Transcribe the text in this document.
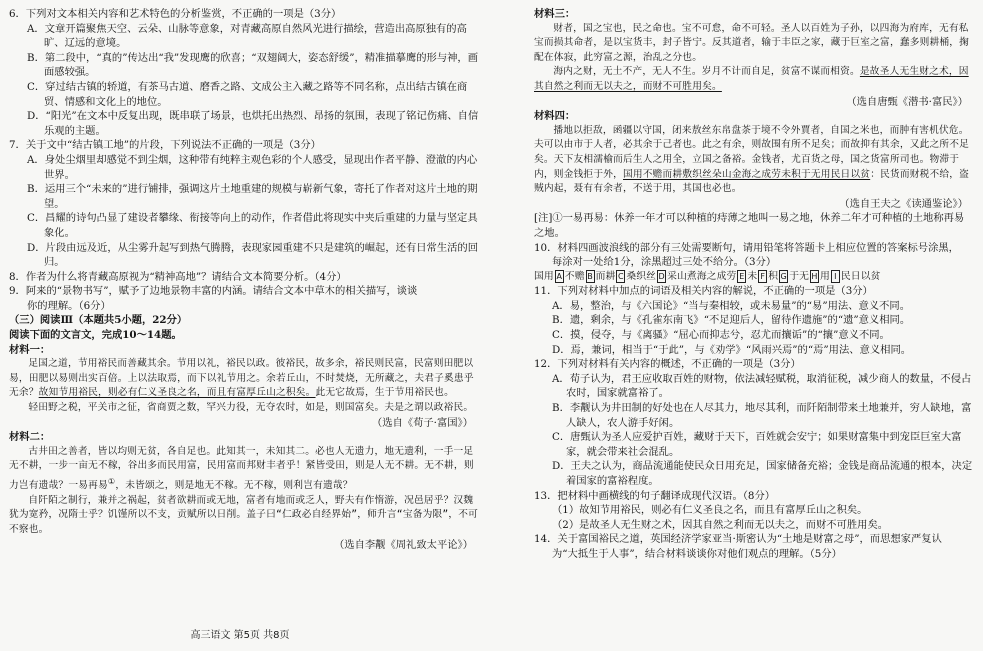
6．下列对文本相关内容和艺术特色的分析鉴赏，不正确的一项是（3分）

A．文章开篇聚焦天空、云朵、山脉等意象，对青藏高原自然风光进行描绘，营造出高原独有的高旷、辽远的意境。

B．第二段中，“真的”传达出“我”发现鹰的欣喜；“双翅阔大，姿态舒缓”，精准描摹鹰的形与神，画面感较强。

C．穿过结古镇的轿道，有茶马古道、磨香之路、文成公主入藏之路等不同名称，点出结古镇在商贸、情感和文化上的地位。

D．“阳光”在文本中反复出现，既串联了场景，也烘托出热烈、昂扬的氛围，表现了铭记伤痛、自信乐观的主题。

7．关于文中“结古镇工地”的片段，下列说法不正确的一项是（3分）

A．身处尘烟里却感觉不到尘烟，这种带有纯粹主观色彩的个人感受，显现出作者平静、澄澈的内心世界。

B．运用三个“未来的”进行铺排，强调这片土地重建的规模与崭新气象，寄托了作者对这片土地的期望。

C．昌耀的诗句凸显了建设者攀缘、衔接等向上的动作，作者借此将现实中夹后重建的力量与坚定具象化。

D．片段由远及近，从尘雾升起写到热气腾腾，表现家园重建不只是建筑的崛起，还有日常生活的回归。

8．作者为什么将青藏高原视为“精神高地”？请结合文本简要分析。（4分）

9．阿来的“景物书写”，赋予了边地景物丰富的内涵。请结合文本中草木的相关描写，谈谈

你的理解。（6分）

（三）阅读Ⅲ（本题共5小题，22分）

阅读下面的文言文，完成10～14题。

材料一：

足国之道，节用裕民而善藏其余。节用以礼，裕民以政。彼裕民，故多余，裕民则民富，民富则田肥以易，田肥以易则出实百倍。上以法取焉，而下以礼节用之。余若丘山，不时焚烧，无所藏之，夫君子奚患乎无余？故知节用裕民，则必有仁义圣良之名，而且有富厚丘山之积矣。此无它故焉，生于节用裕民也。

轻田野之税，平关市之征，省商贾之数，罕兴力役，无夺农时，如是，则国富矣。夫是之谓以政裕民。

（选自《荀子·富国》）

材料二：

古井田之善者，皆以均则无贫，各自足也。此知其一，未知其二。必也人无遗力，地无遗利，一手一足无不耕，一步一亩无不稼，谷出多而民用富，民用富而邦财丰者乎！紧皆受田，则是人无不耕。无不耕，则力岂有遗哉？一易再易①，未皆颂之，则是地无不稼。无不稼，则利岂有遗哉？

自阡陌之制行，兼并之祸起，贫者欲耕而或无地，富者有地而或乏人，野夫有作惰游，况邑居乎？汉魏犹为宽矜，况隋士乎？饥馑所以不支，贡赋所以日削。盖子曰“仁政必自经界始”，师升言“宝备为限”，不可不察也。

（选自李觏《周礼致太平论》）

高三语文 第5页 共8页

材料三：

财者，国之宝也，民之命也。宝不可怠，命不可轻。圣人以百姓为子孙，以四海为府库，无有私宝而损其命者，是以宝货丰，封子皆宁。反其道者，输于丰臣之家，藏于巨室之富，蠢多则耕桶，掬配在体寂，此穷富之源，治乱之分也。

海内之财，无土不产，无人不生。岁月不计而自足，贫富不谋而相资。是故圣人无生财之术，因其自然之利而无以夫之，而财不可胜用矣。

（选自唐甄《潜书·富民》）

材料四：

播地以拒敌，函疆以守国，闭来敖丝东帛盘茶于境不令外賈者，自国之米也，而肿有害机伏危。夫可以由市于人者，必其余于己者也。此之有余，则故围有所不足矣；而故抑有其余，又此之所不足矣。天下友相濡榆而后生人之用全，立国之备裕。金钱者，尤百货之母，国之货富所司也。物滞于内，则金钱拒于外，国用不赡而耕敷织丝朵山金海之成劳未积于无用民日以贫：民货而财税不给，盗贼内起，聂有有余者，不送于用，其国也必也。

（选自王夫之《读通鉴论》）

[注]①一易再易：休养一年才可以种植的痔薄之地叫一易之地，休养二年才可种植的土地称再易之地。

10．材料四画波浪线的部分有三处需要断句，请用铅笔将答题卡上相应位置的答案标号涂黑，

每涂对一处给1分，涂黑超过三处不给分。（3分）

国用 A 不赡 B 而耕 C 桑织丝 D 采山煮海之成劳 E 未 F 积 G 于无 H 用 I 民日以贫

11．下列对材料中加点的词语及相关内容的解说，不正确的一项是（3分）

A．易，整治，与《六国论》“当与秦相较，或未易量”的“易”用法、意义不同。

B．遗，剩余，与《孔雀东南飞》“不足迎后人，留待作遗施”的“遗”意义相同。

C．摸，侵夺，与《离骚》“屈心而抑志兮，忍尤而攘诟”的“攘”意义不同。

D．焉，兼词，相当于“于此”，与《劝学》“风雨兴焉”的“焉”用法、意义相同。

12．下列对材料有关内容的概述，不正确的一项是（3分）

A．荀子认为，君王应收取百姓的财物，依法减轻赋税，取消征税，减少商人的数量，不侵占农时，国家就富裕了。

B．李觏认为井田制的好处也在人尽其力，地尽其利，而阡陌制带来土地兼并，穷人缺地，富人缺人，农人游手好闲。

C．唐甄认为圣人应爱护百姓，藏财于天下，百姓就会安宁；如果财富集中到宠臣巨室大富家，就会带来社会混乱。

D．王夫之认为，商品流通能使民众日用充足，国家储备充裕；金钱是商品流通的根本，决定着国家的富裕程度。

13．把材料中画横线的句子翻译成现代汉语。（8分）

（1）故知节用裕民，则必有仁义圣良之名，而且有富厚丘山之积矣。

（2）是故圣人无生财之术，因其自然之利而无以夫之，而财不可胜用矣。

14．关于富国裕民之道，英国经济学家亚当·斯密认为“土地是财富之母”，而思想家严复认

为“大抵生于人事”，结合材料谈谈你对他们观点的理解。（5分）
